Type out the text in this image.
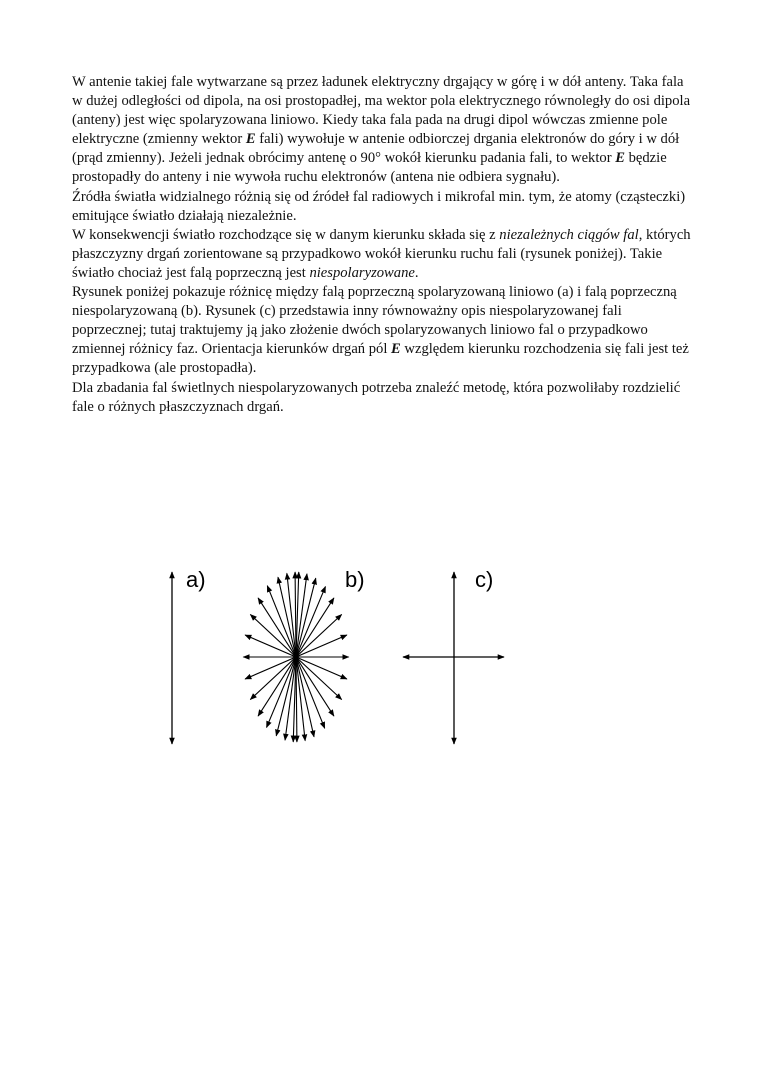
W antenie takiej fale wytwarzane są przez ładunek elektryczny drgający w górę i w dół anteny. Taka fala w dużej odległości od dipola, na osi prostopadłej, ma wektor pola elektrycznego równoległy do osi dipola (anteny) jest więc spolaryzowana liniowo. Kiedy taka fala pada na drugi dipol wówczas zmienne pole elektryczne (zmienny wektor E fali) wywołuje w antenie odbiorczej drgania elektronów do góry i w dół (prąd zmienny). Jeżeli jednak obrócimy antenę o 90° wokół kierunku padania fali, to wektor E będzie prostopadły do anteny i nie wywoła ruchu elektronów (antena nie odbiera sygnału).

Źródła światła widzialnego różnią się od źródeł fal radiowych i mikrofal min. tym, że atomy (cząsteczki) emitujące światło działają niezależnie.

W konsekwencji światło rozchodzące się w danym kierunku składa się z niezależnych ciągów fal, których płaszczyzny drgań zorientowane są przypadkowo wokół kierunku ruchu fali (rysunek poniżej). Takie światło chociaż jest falą poprzeczną jest niespolaryzowane.

Rysunek poniżej pokazuje różnicę między falą poprzeczną spolaryzowaną liniowo (a) i falą poprzeczną niespolaryzowaną (b). Rysunek (c) przedstawia inny równoważny opis niespolaryzowanej fali poprzecznej; tutaj traktujemy ją jako złożenie dwóch spolaryzowanych liniowo fal o przypadkowo zmiennej różnicy faz. Orientacja kierunków drgań pól E względem kierunku rozchodzenia się fali jest też przypadkowa (ale prostopadła).

Dla zbadania fal świetlnych niespolaryzowanych potrzeba znaleźć metodę, która pozwoliłaby rozdzielić fale o różnych płaszczyznach drgań.

a)	b)	c)
